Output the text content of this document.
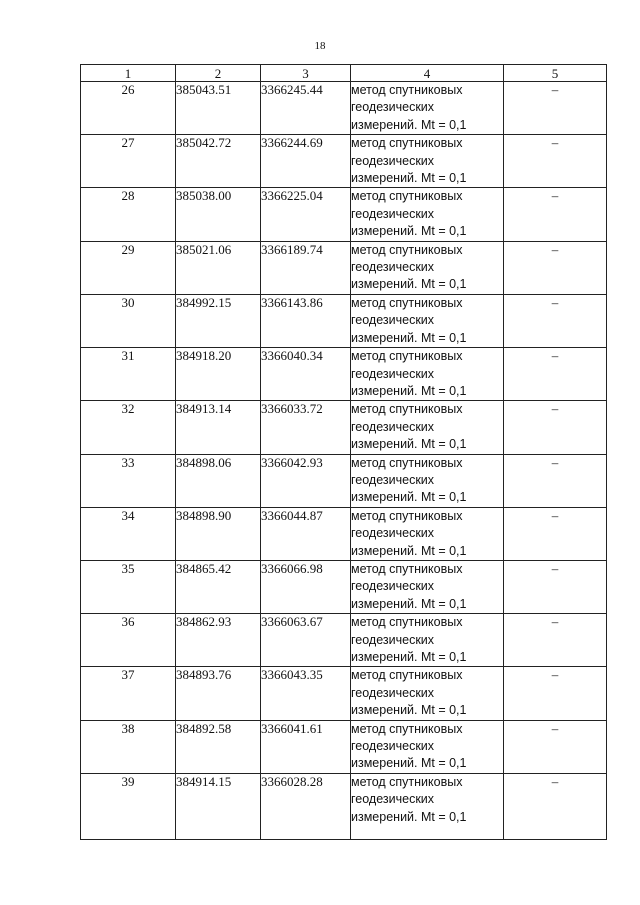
18
1	2	3	4	5
26	385043.51	3366245.44	метод спутниковых
геодезических
измерений. Mt = 0,1	–
27	385042.72	3366244.69	метод спутниковых
геодезических
измерений. Mt = 0,1	–
28	385038.00	3366225.04	метод спутниковых
геодезических
измерений. Mt = 0,1	–
29	385021.06	3366189.74	метод спутниковых
геодезических
измерений. Mt = 0,1	–
30	384992.15	3366143.86	метод спутниковых
геодезических
измерений. Mt = 0,1	–
31	384918.20	3366040.34	метод спутниковых
геодезических
измерений. Mt = 0,1	–
32	384913.14	3366033.72	метод спутниковых
геодезических
измерений. Mt = 0,1	–
33	384898.06	3366042.93	метод спутниковых
геодезических
измерений. Mt = 0,1	–
34	384898.90	3366044.87	метод спутниковых
геодезических
измерений. Mt = 0,1	–
35	384865.42	3366066.98	метод спутниковых
геодезических
измерений. Mt = 0,1	–
36	384862.93	3366063.67	метод спутниковых
геодезических
измерений. Mt = 0,1	–
37	384893.76	3366043.35	метод спутниковых
геодезических
измерений. Mt = 0,1	–
38	384892.58	3366041.61	метод спутниковых
геодезических
измерений. Mt = 0,1	–
39	384914.15	3366028.28	метод спутниковых
геодезических
измерений. Mt = 0,1	–
